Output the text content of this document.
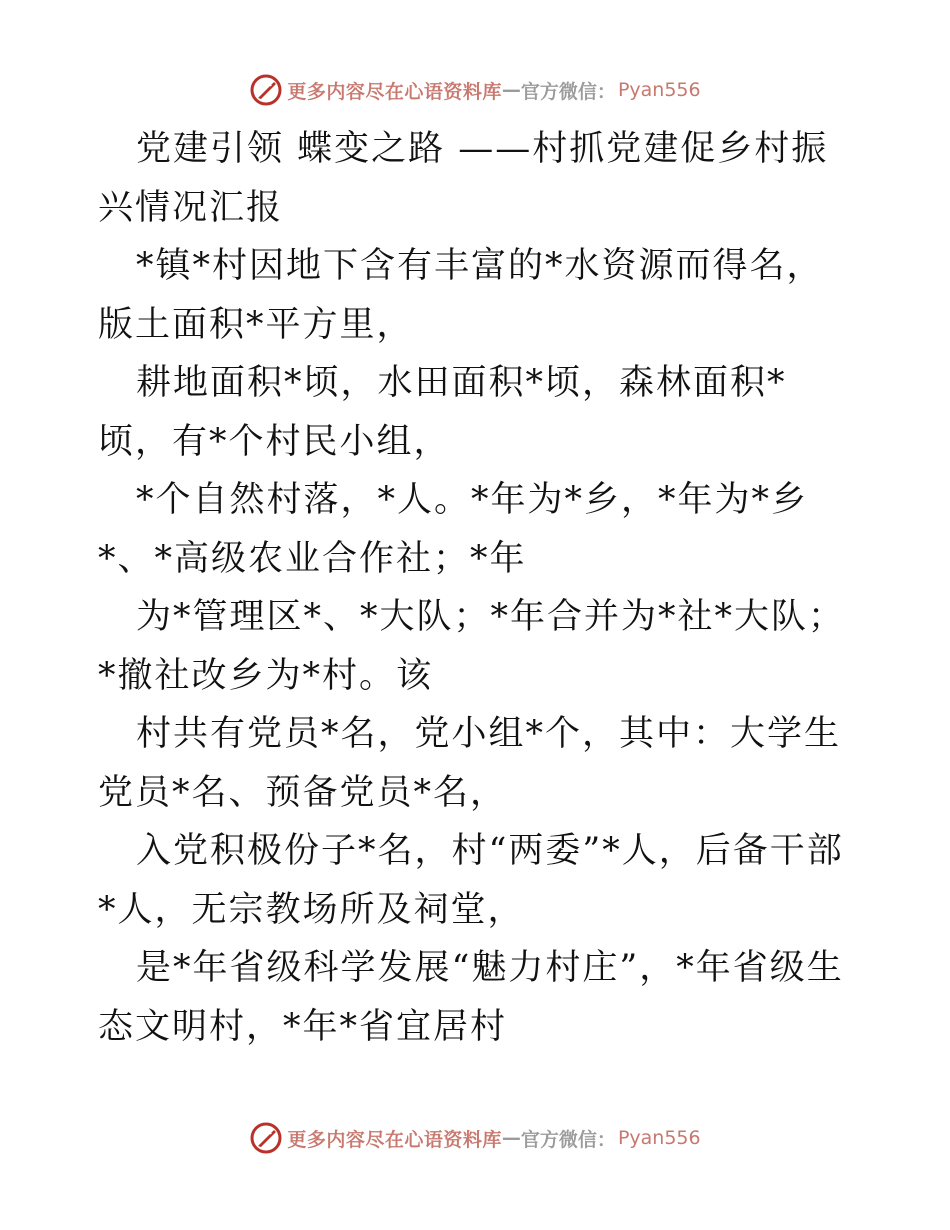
更多内容尽在心语资料库 — 官方微信： Pyan556

党建引领 蝶变之路 ——村抓党建促乡村振兴情况汇报

*镇*村因地下含有丰富的*水资源而得名，版土面积*平方里，

耕地面积*顷，水田面积*顷，森林面积*顷，有*个村民小组，

*个自然村落，*人。*年为*乡，*年为*乡*、*高级农业合作社；*年

为*管理区*、*大队；*年合并为*社*大队；*撤社改乡为*村。该

村共有党员*名，党小组*个，其中：大学生党员*名、预备党员*名，

入党积极份子*名，村“两委”*人，后备干部*人，无宗教场所及祠堂，

是*年省级科学发展“魅力村庄”，*年省级生态文明村，*年*省宜居村

更多内容尽在心语资料库 — 官方微信： Pyan556
